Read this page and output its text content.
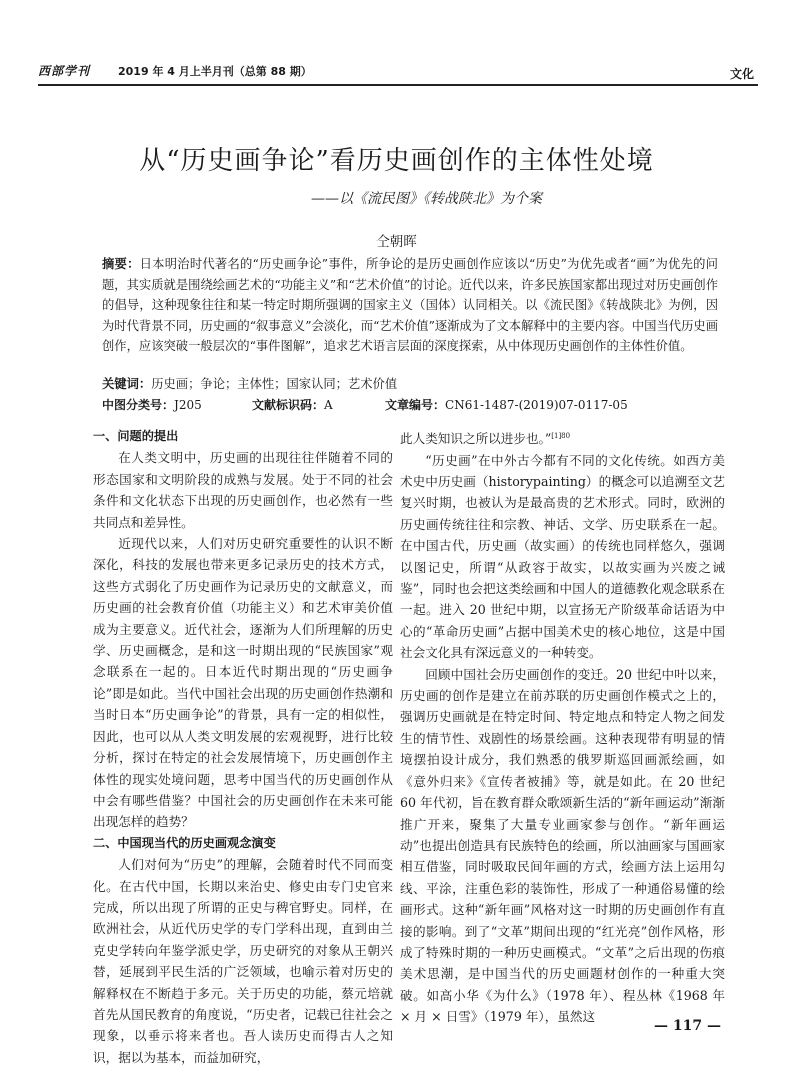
西部学刊	2019 年 4 月上半月刊（总第 88 期）	文化
从“历史画争论”看历史画创作的主体性处境
——以《流民图》《转战陕北》为个案
仝朝晖
摘要：日本明治时代著名的“历史画争论”事件，所争论的是历史画创作应该以“历史”为优先或者“画”为优先的问题，其实质就是围绕绘画艺术的“功能主义”和“艺术价值”的讨论。近代以来，许多民族国家都出现过对历史画创作的倡导，这种现象往往和某一特定时期所强调的国家主义（国体）认同相关。以《流民图》《转战陕北》为例，因为时代背景不同，历史画的“叙事意义”会淡化，而“艺术价值”逐渐成为了文本解释中的主要内容。中国当代历史画创作，应该突破一般层次的“事件图解”，追求艺术语言层面的深度探索，从中体现历史画创作的主体性价值。
关键词：历史画；争论；主体性；国家认同；艺术价值
中图分类号：J205	文献标识码：A	文章编号：CN61-1487-(2019)07-0117-05
一、问题的提出

在人类文明中，历史画的出现往往伴随着不同的形态国家和文明阶段的成熟与发展。处于不同的社会条件和文化状态下出现的历史画创作，也必然有一些共同点和差异性。

近现代以来，人们对历史研究重要性的认识不断深化，科技的发展也带来更多记录历史的技术方式，这些方式弱化了历史画作为记录历史的文献意义，而历史画的社会教育价值（功能主义）和艺术审美价值成为主要意义。近代社会，逐渐为人们所理解的历史学、历史画概念，是和这一时期出现的“民族国家”观念联系在一起的。日本近代时期出现的“历史画争论”即是如此。当代中国社会出现的历史画创作热潮和当时日本“历史画争论”的背景，具有一定的相似性，因此，也可以从人类文明发展的宏观视野，进行比较分析，探讨在特定的社会发展情境下，历史画创作主体性的现实处境问题，思考中国当代的历史画创作从中会有哪些借鉴？中国社会的历史画创作在未来可能出现怎样的趋势？

二、中国现当代的历史画观念演变

人们对何为“历史”的理解，会随着时代不同而变化。在古代中国，长期以来治史、修史由专门史官来完成，所以出现了所谓的正史与稗官野史。同样，在欧洲社会，从近代历史学的专门学科出现，直到由兰克史学转向年鉴学派史学，历史研究的对象从王朝兴替，延展到平民生活的广泛领域，也喻示着对历史的解释权在不断趋于多元。关于历史的功能，蔡元培就首先从国民教育的角度说，“历史者，记载已往社会之现象，以垂示将来者也。吾人读历史而得古人之知识，据以为基本，而益加研究，

此人类知识之所以进步也。”$^{[1]80}$

“历史画”在中外古今都有不同的文化传统。如西方美术史中历史画（historypainting）的概念可以追溯至文艺复兴时期，也被认为是最高贵的艺术形式。同时，欧洲的历史画传统往往和宗教、神话、文学、历史联系在一起。在中国古代，历史画（故实画）的传统也同样悠久，强调以图记史，所谓“从政容于故实，以故实画为兴废之诫鉴”，同时也会把这类绘画和中国人的道德教化观念联系在一起。进入 20 世纪中期，以宣扬无产阶级革命话语为中心的“革命历史画”占据中国美术史的核心地位，这是中国社会文化具有深远意义的一种转变。

回顾中国社会历史画创作的变迁。20 世纪中叶以来，历史画的创作是建立在前苏联的历史画创作模式之上的，强调历史画就是在特定时间、特定地点和特定人物之间发生的情节性、戏剧性的场景绘画。这种表现带有明显的情境摆拍设计成分，我们熟悉的俄罗斯巡回画派绘画，如《意外归来》《宣传者被捕》等，就是如此。在 20 世纪 60 年代初，旨在教育群众歌颂新生活的“新年画运动”渐渐推广开来，聚集了大量专业画家参与创作。“新年画运动”也提出创造具有民族特色的绘画，所以油画家与国画家相互借鉴，同时吸取民间年画的方式，绘画方法上运用勾线、平涂，注重色彩的装饰性，形成了一种通俗易懂的绘画形式。这种“新年画”风格对这一时期的历史画创作有直接的影响。到了“文革”期间出现的“红光亮”创作风格，形成了特殊时期的一种历史画模式。“文革”之后出现的伤痕美术思潮，是中国当代的历史画题材创作的一种重大突破。如高小华《为什么》（1978 年）、程丛林《1968 年 × 月 × 日雪》（1979 年），虽然这

— 117 —
